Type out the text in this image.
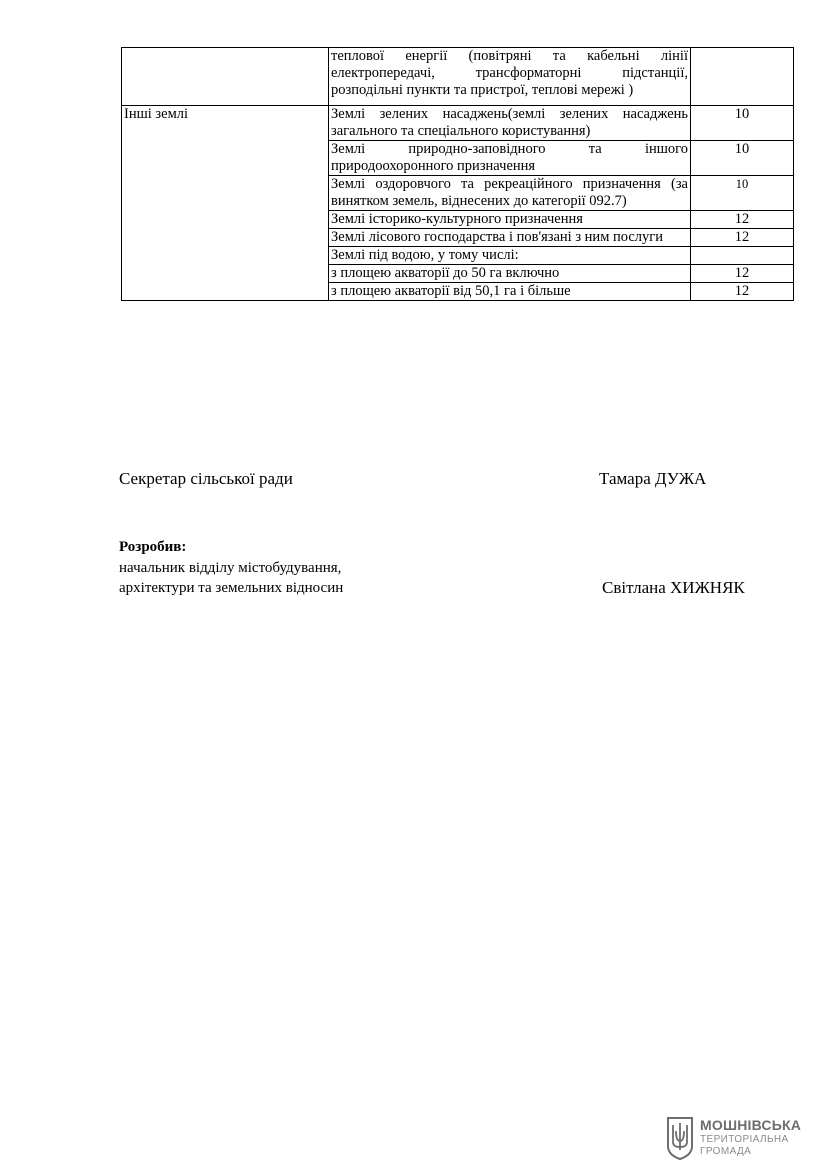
	теплової енергії (повітряні та кабельні лінії електропередачі, трансформаторні підстанції, розподільні пункти та пристрої, теплові мережі )	
Інші землі	Землі зелених насаджень(землі зелених насаджень загального та спеціального користування)	10
	Землі природно-заповідного та іншого природоохоронного призначення	10
	Землі оздоровчого та рекреаційного призначення (за винятком земель, віднесених до категорії 092.7)	10
	Землі історико-культурного призначення	12
	Землі лісового господарства і пов'язані з ним послуги	12
	Землі під водою, у тому числі:	
	з площею акваторії до 50 га включно	12
	з площею акваторії від 50,1 га і більше	12
Секретар сільської ради	Тамара ДУЖА
Розробив:
начальник відділу містобудування,
архітектури та земельних відносин	Світлана ХИЖНЯК
МОШНІВСЬКА
ТЕРИТОРІАЛЬНА
ГРОМАДА
